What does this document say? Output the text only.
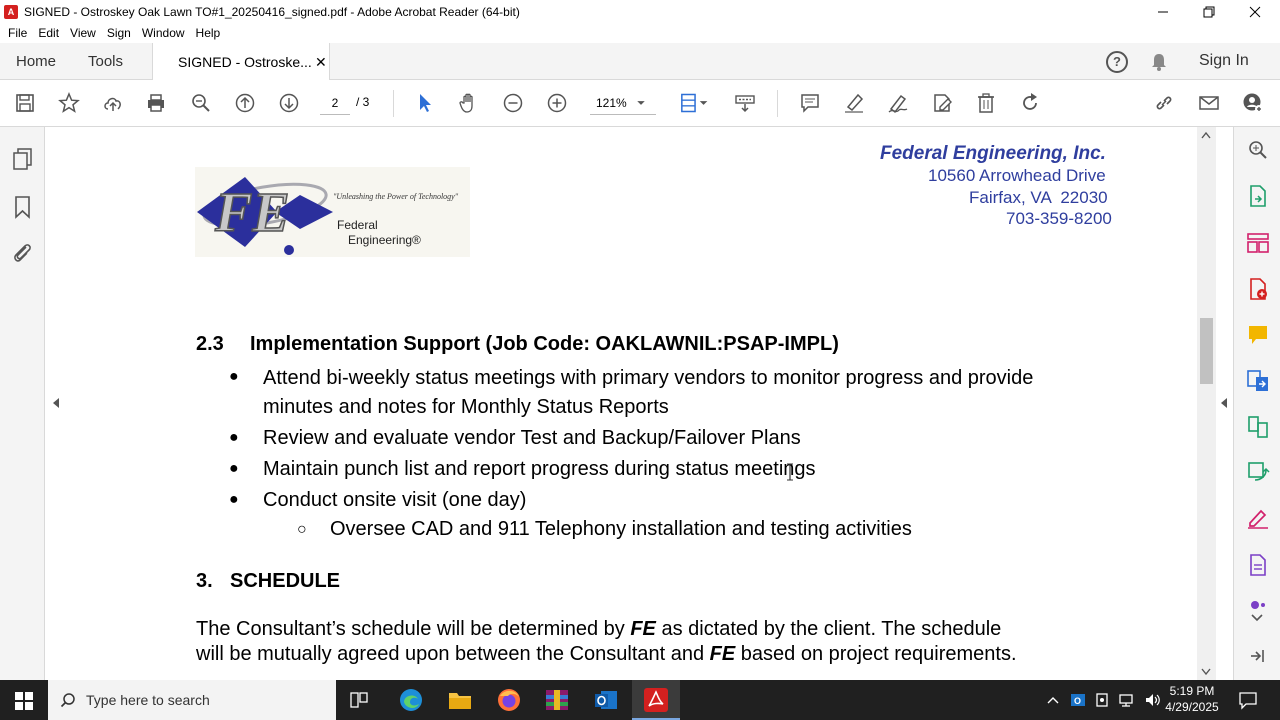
A SIGNED - Ostroskey Oak Lawn TO#1_20250416_signed.pdf - Adobe Acrobat Reader (64-bit)
File Edit View Sign Window Help
Home Tools	SIGNED - Ostroske... ✕	?	Sign In
/ 3
2	121%
FE	"Unleashing the Power of Technology"
Federal
Engineering®
Federal Engineering, Inc.
10560 Arrowhead Drive
Fairfax, VA  22030
703-359-8200
2.3 Implementation Support (Job Code: OAKLAWNIL:PSAP-IMPL)
● Attend bi-weekly status meetings with primary vendors to monitor progress and provide
minutes and notes for Monthly Status Reports
● Review and evaluate vendor Test and Backup/Failover Plans
● Maintain punch list and report progress during status meetings
● Conduct onsite visit (one day)
○ Oversee CAD and 911 Telephony installation and testing activities
3. SCHEDULE
The Consultant’s schedule will be determined by FE as dictated by the client. The schedule
will be mutually agreed upon between the Consultant and FE based on project requirements.
Type here to search	O
5:19 PM
4/29/2025
